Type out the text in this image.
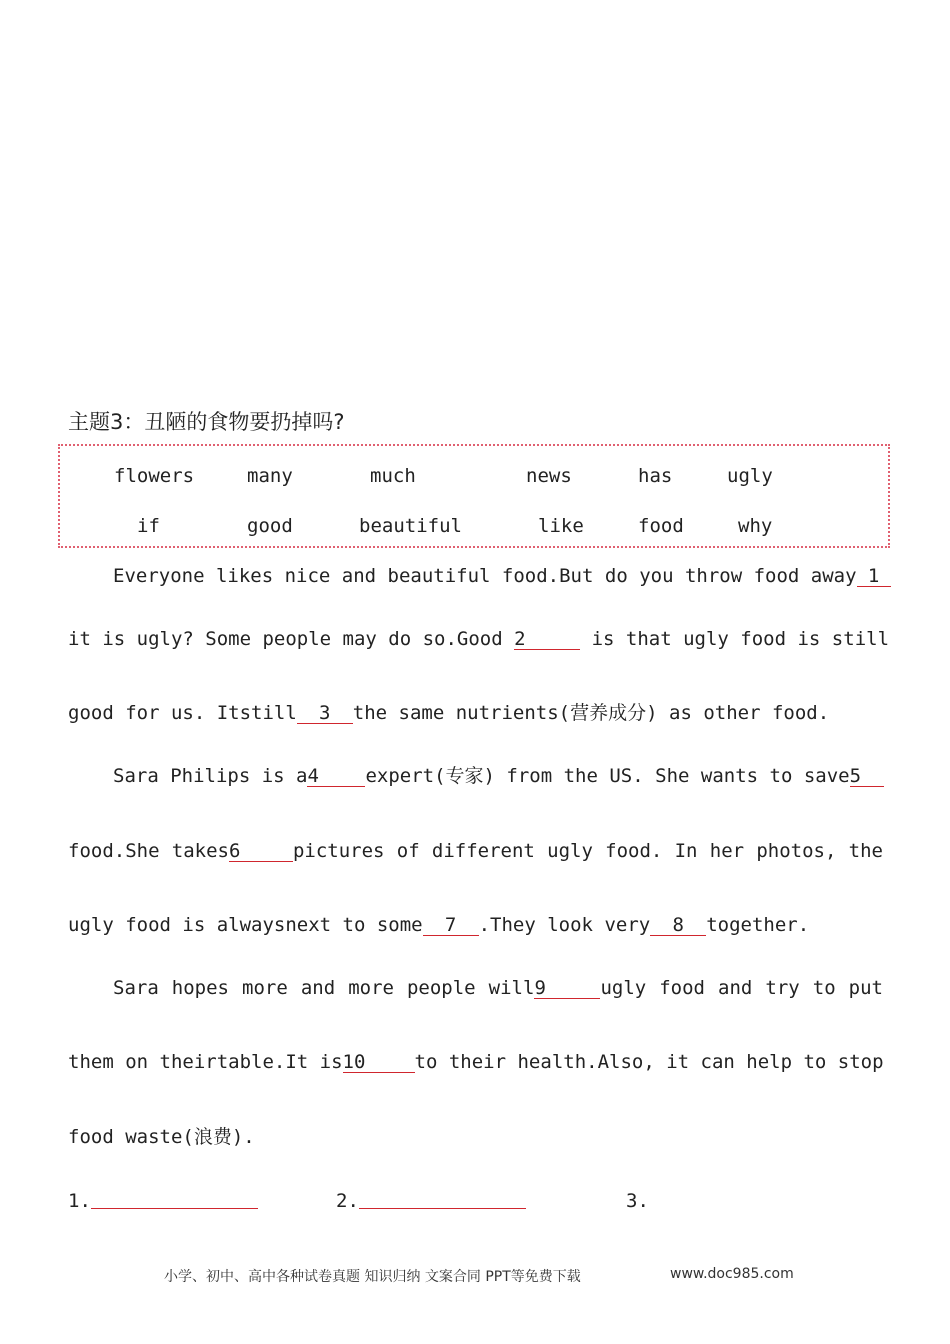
主题3：丑陋的食物要扔掉吗?
flowers	many	much	news	has	ugly
if	good	beautiful	like	food	why
Everyone likes nice and beautiful food.But do you throw food away 1
it is ugly? Some people may do so.Good 2	is that ugly food is still
good for us. Itstill 3 the same nutrients(营养成分) as other food.
Sara Philips is a4 expert(专家) from the US. She wants to save5
food.She takes6	pictures of different ugly food. In her photos, the
ugly food is alwaysnext to some 7 .They look very 8 together.
Sara hopes more and more people will9	ugly food and try to put
them on theirtable.It is10	to their health.Also, it can help to stop
food waste(浪费).
1.	2.	3.
小学、初中、高中各种试卷真题 知识归纳 文案合同 PPT等免费下载	www.doc985.com
